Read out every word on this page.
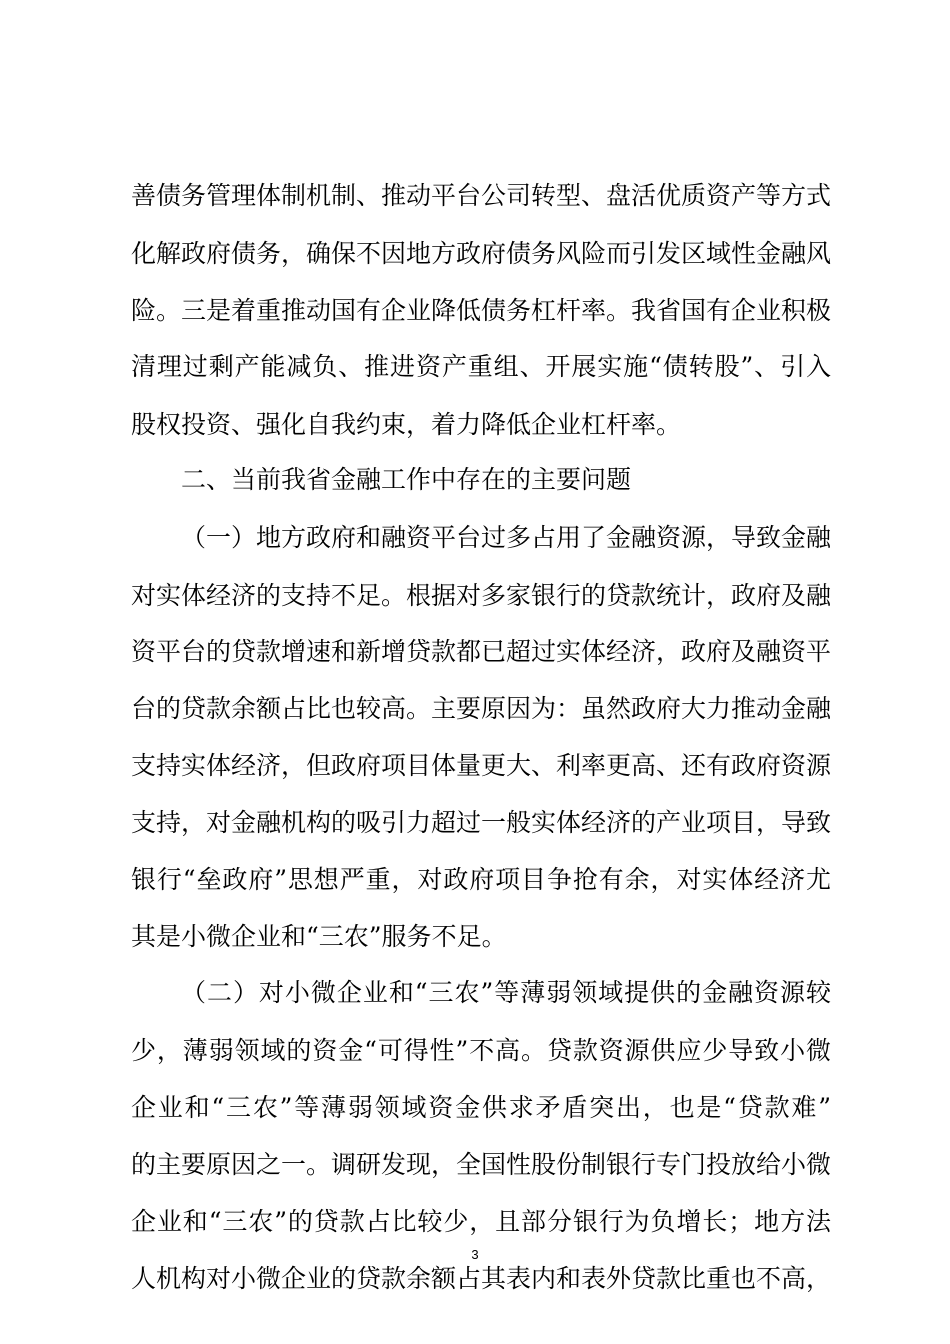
善债务管理体制机制、推动平台公司转型、盘活优质资产等方式
化解政府债务，确保不因地方政府债务风险而引发区域性金融风
险。三是着重推动国有企业降低债务杠杆率。我省国有企业积极
清理过剩产能减负、推进资产重组、开展实施“债转股”、引入
股权投资、强化自我约束，着力降低企业杠杆率。
二、当前我省金融工作中存在的主要问题
（一）地方政府和融资平台过多占用了金融资源，导致金融
对实体经济的支持不足。根据对多家银行的贷款统计，政府及融
资平台的贷款增速和新增贷款都已超过实体经济，政府及融资平
台的贷款余额占比也较高。主要原因为：虽然政府大力推动金融
支持实体经济，但政府项目体量更大、利率更高、还有政府资源
支持，对金融机构的吸引力超过一般实体经济的产业项目，导致
银行“垒政府”思想严重，对政府项目争抢有余，对实体经济尤
其是小微企业和“三农”服务不足。
（二）对小微企业和“三农”等薄弱领域提供的金融资源较
少，薄弱领域的资金“可得性”不高。贷款资源供应少导致小微
企业和“三农”等薄弱领域资金供求矛盾突出，也是“贷款难”
的主要原因之一。调研发现，全国性股份制银行专门投放给小微
企业和“三农”的贷款占比较少，且部分银行为负增长；地方法
人机构对小微企业的贷款余额占其表内和表外贷款比重也不高，
3
